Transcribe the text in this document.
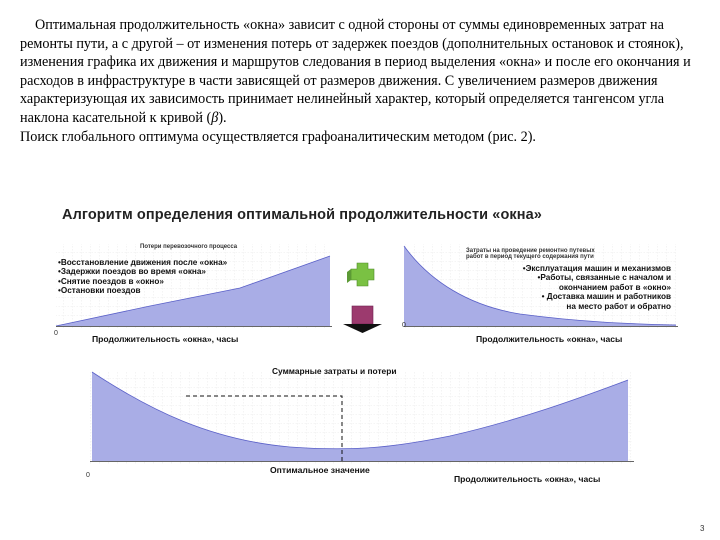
Оптимальная продолжительность «окна» зависит с одной стороны от суммы единовременных затрат на ремонты пути, а с другой – от изменения потерь от задержек поездов (дополнительных остановок и стоянок), изменения графика их движения и маршрутов следования в период выделения «окна» и после его окончания и расходов в инфраструктуре в части зависящей от размеров движения. С увеличением размеров движения характеризующая их зависимость принимает нелинейный характер, который определяется тангенсом угла наклона касательной к кривой (β).

Поиск глобального оптимума осуществляется графоаналитическим методом (рис. 2).

Алгоритм определения оптимальной продолжительности «окна»
Потери перевозочного процесса
•Восстановление движения после «окна»
•Задержки поездов во время «окна»
•Снятие поездов в «окно»
•Остановки поездов
0
Продолжительность «окна», часы
Затраты на проведение ремонтно путевых
работ в период текущего содержания пути
•Эксплуатация машин и механизмов
•Работы, связанные с началом и
окончанием работ в «окно»
• Доставка машин и работников
на место работ и обратно
0
Продолжительность «окна», часы
Суммарные затраты и потери
0
Оптимальное значение
Продолжительность «окна», часы
3
